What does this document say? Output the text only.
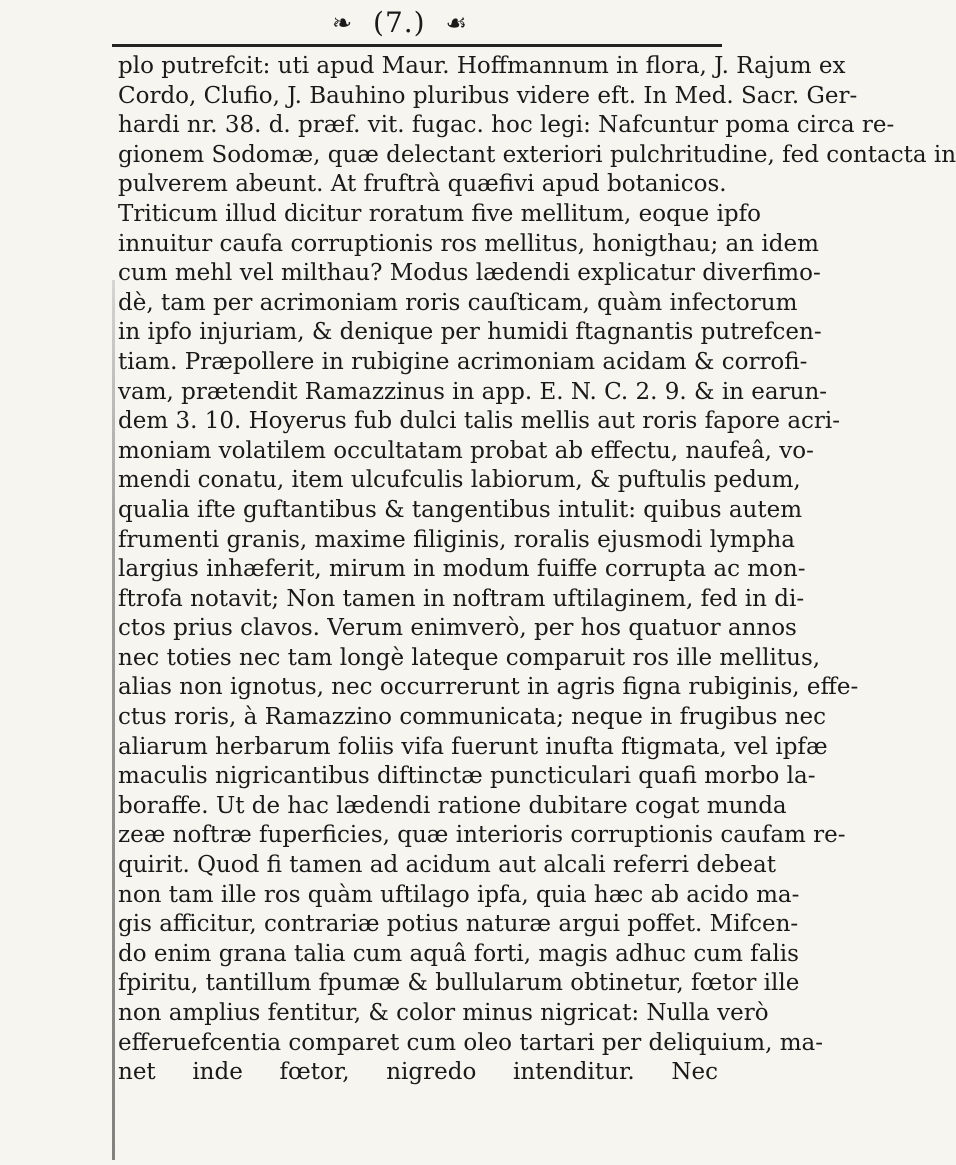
❧ (7.) ☙
plo putrefcit: uti apud Maur. Hoffmannum in flora, J. Rajum ex
Cordo, Clufio, J. Bauhino pluribus videre eft. In Med. Sacr. Ger-
hardi nr. 38. d. præf. vit. fugac. hoc legi: Nafcuntur poma circa re-
gionem Sodomæ, quæ delectant exteriori pulchritudine, fed contacta in
pulverem abeunt. At fruftrà quæfivi apud botanicos.
Triticum illud dicitur roratum five mellitum, eoque ipfo
innuitur caufa corruptionis ros mellitus, honigthau; an idem
cum mehl vel milthau? Modus lædendi explicatur diverfimo-
dè, tam per acrimoniam roris cauſticam, quàm infectorum
in ipfo injuriam, & denique per humidi ftagnantis putrefcen-
tiam. Præpollere in rubigine acrimoniam acidam & corrofi-
vam, prætendit Ramazzinus in app. E. N. C. 2. 9. & in earun-
dem 3. 10. Hoyerus fub dulci talis mellis aut roris fapore acri-
moniam volatilem occultatam probat ab effectu, naufeâ, vo-
mendi conatu, item ulcufculis labiorum, & puftulis pedum,
qualia ifte guftantibus & tangentibus intulit: quibus autem
frumenti granis, maxime filiginis, roralis ejusmodi lympha
largius inhæferit, mirum in modum fuiffe corrupta ac mon-
ftrofa notavit; Non tamen in noftram uftilaginem, fed in di-
ctos prius clavos. Verum enimverò, per hos quatuor annos
nec toties nec tam longè lateque comparuit ros ille mellitus,
alias non ignotus, nec occurrerunt in agris figna rubiginis, effe-
ctus roris, à Ramazzino communicata; neque in frugibus nec
aliarum herbarum foliis vifa fuerunt inufta ftigmata, vel ipfæ
maculis nigricantibus diftinctæ puncticulari quafi morbo la-
boraffe. Ut de hac lædendi ratione dubitare cogat munda
zeæ noftræ fuperficies, quæ interioris corruptionis caufam re-
quirit. Quod fi tamen ad acidum aut alcali referri debeat
non tam ille ros quàm uftilago ipfa, quia hæc ab acido ma-
gis afficitur, contrariæ potius naturæ argui poffet. Mifcen-
do enim grana talia cum aquâ forti, magis adhuc cum falis
fpiritu, tantillum fpumæ & bullularum obtinetur, fœtor ille
non amplius fentitur, & color minus nigricat: Nulla verò
efferuefcentia comparet cum oleo tartari per deliquium, ma-
net inde fœtor, nigredo intenditur. Nec
